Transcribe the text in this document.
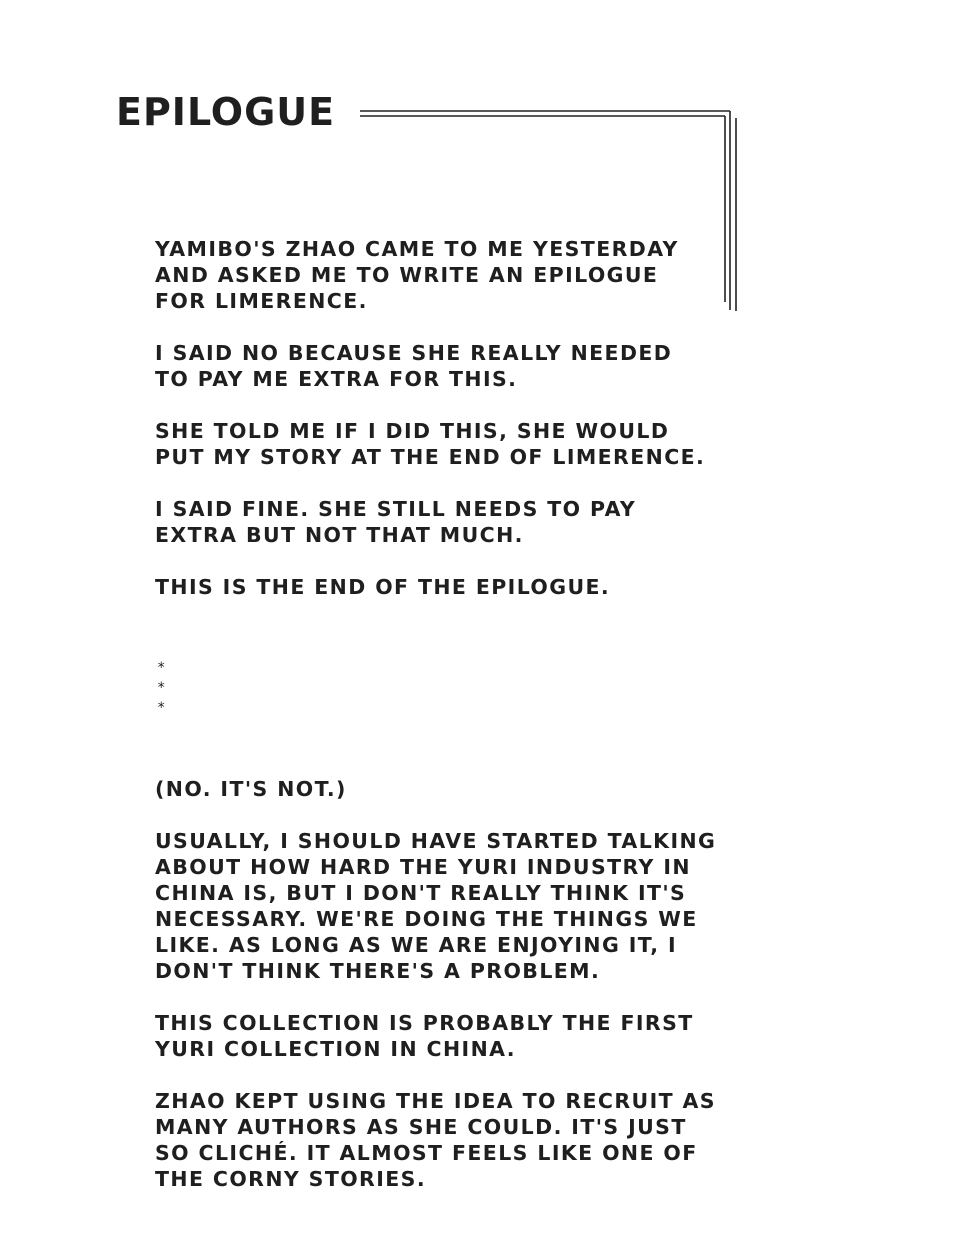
EPILOGUE

YAMIBO'S ZHAO CAME TO ME YESTERDAY
AND ASKED ME TO WRITE AN EPILOGUE
FOR LIMERENCE.

I SAID NO BECAUSE SHE REALLY NEEDED
TO PAY ME EXTRA FOR THIS.

SHE TOLD ME IF I DID THIS, SHE WOULD
PUT MY STORY AT THE END OF LIMERENCE.

I SAID FINE. SHE STILL NEEDS TO PAY
EXTRA BUT NOT THAT MUCH.

THIS IS THE END OF THE EPILOGUE.

*
*
*

(NO. IT'S NOT.)

USUALLY, I SHOULD HAVE STARTED TALKING
ABOUT HOW HARD THE YURI INDUSTRY IN
CHINA IS, BUT I DON'T REALLY THINK IT'S
NECESSARY. WE'RE DOING THE THINGS WE
LIKE. AS LONG AS WE ARE ENJOYING IT, I
DON'T THINK THERE'S A PROBLEM.

THIS COLLECTION IS PROBABLY THE FIRST
YURI COLLECTION IN CHINA.

ZHAO KEPT USING THE IDEA TO RECRUIT AS
MANY AUTHORS AS SHE COULD. IT'S JUST
SO CLICHÉ. IT ALMOST FEELS LIKE ONE OF
THE CORNY STORIES.
